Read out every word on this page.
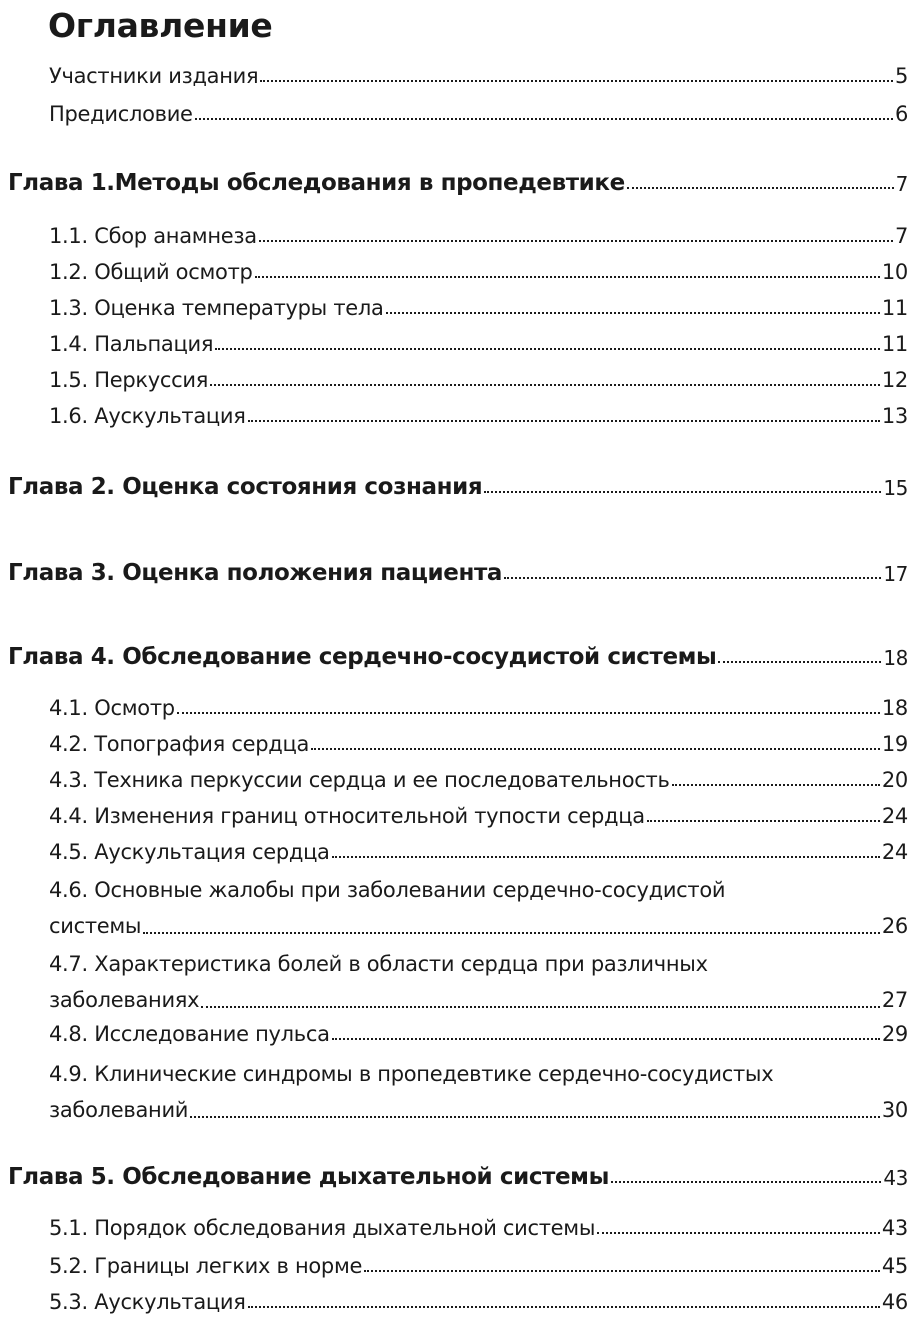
Оглавление
Участники издания	5
Предисловие	6
Глава 1.Методы обследования в пропедевтике	7
1.1. Сбор анамнеза	7
1.2. Общий осмотр	10
1.3. Оценка температуры тела	11
1.4. Пальпация	11
1.5. Перкуссия	12
1.6. Аускультация	13
Глава 2. Оценка состояния сознания	15
Глава 3. Оценка положения пациента	17
Глава 4. Обследование сердечно-сосудистой системы	18
4.1. Осмотр	18
4.2. Топография сердца	19
4.3. Техника перкуссии сердца и ее последовательность	20
4.4. Изменения границ относительной тупости сердца	24
4.5. Аускультация сердца	24
4.6. Основные жалобы при заболевании сердечно-сосудистой
системы	26
4.7. Характеристика болей в области сердца при различных
заболеваниях	27
4.8. Исследование пульса	29
4.9. Клинические синдромы в пропедевтике сердечно-сосудистых
заболеваний	30
Глава 5. Обследование дыхательной системы	43
5.1. Порядок обследования дыхательной системы	43
5.2. Границы легких в норме	45
5.3. Аускультация	46
